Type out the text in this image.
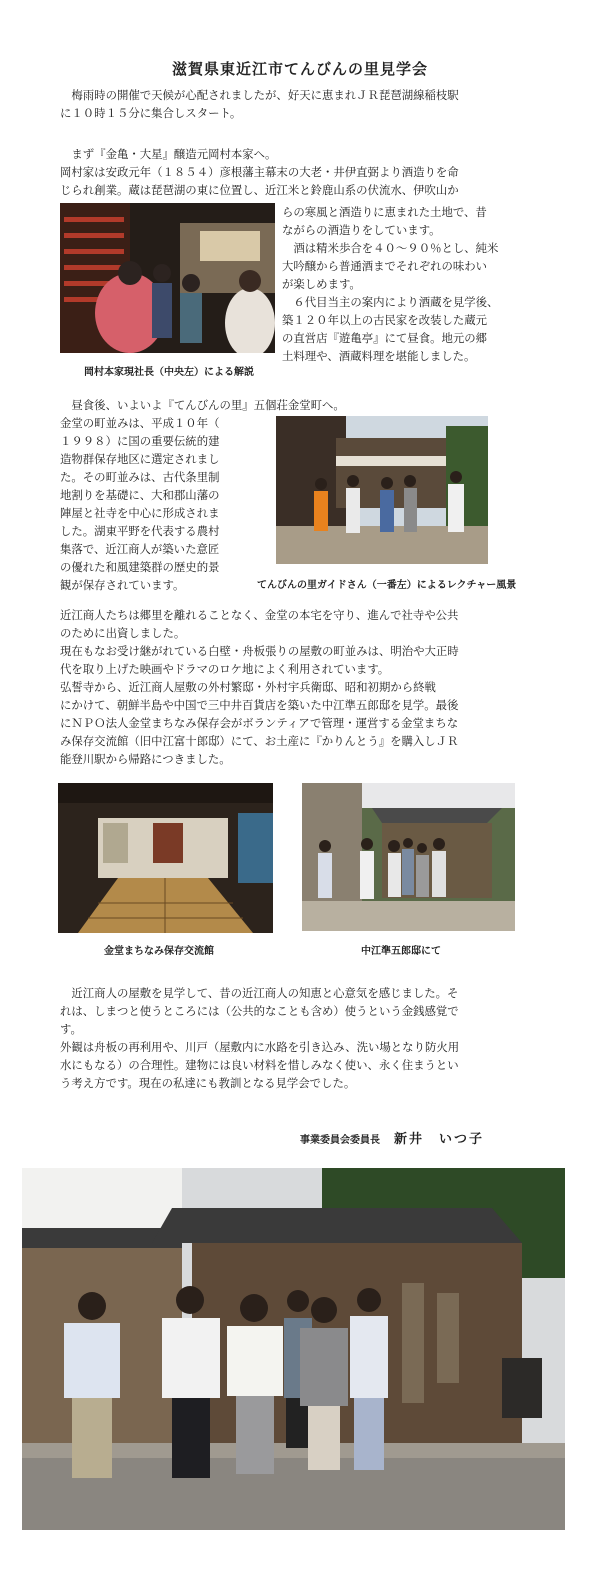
滋賀県東近江市てんびんの里見学会
　梅雨時の開催で天候が心配されましたが、好天に恵まれＪＲ琵琶湖線稲枝駅
に１０時１５分に集合しスタート。
　まず『金亀・大星』醸造元岡村本家へ。
岡村家は安政元年（１８５４）彦根藩主幕末の大老・井伊直弼より酒造りを命
じられ創業。蔵は琵琶湖の東に位置し、近江米と鈴鹿山系の伏流水、伊吹山か
らの寒風と酒造りに恵まれた土地で、昔
ながらの酒造りをしています。
　酒は精米歩合を４０～９０％とし、純米
大吟醸から普通酒までそれぞれの味わい
が楽しめます。
　６代目当主の案内により酒蔵を見学後、
築１２０年以上の古民家を改装した蔵元
の直営店『遊亀亭』にて昼食。地元の郷
土料理や、酒蔵料理を堪能しました。
岡村本家現社長（中央左）による解説
　昼食後、いよいよ『てんびんの里』五個荘金堂町へ。
金堂の町並みは、平成１０年（
１９９８）に国の重要伝統的建
造物群保存地区に選定されまし
た。その町並みは、古代条里制
地割りを基礎に、大和郡山藩の
陣屋と社寺を中心に形成されま
した。湖東平野を代表する農村
集落で、近江商人が築いた意匠
の優れた和風建築群の歴史的景
観が保存されています。	てんびんの里ガイドさん（一番左）によるレクチャー風景
近江商人たちは郷里を離れることなく、金堂の本宅を守り、進んで社寺や公共
のために出資しました。
現在もなお受け継がれている白壁・舟板張りの屋敷の町並みは、明治や大正時
代を取り上げた映画やドラマのロケ地によく利用されています。
弘誓寺から、近江商人屋敷の外村繁邸・外村宇兵衛邸、昭和初期から終戦
にかけて、朝鮮半島や中国で三中井百貨店を築いた中江準五郎邸を見学。最後
にＮＰＯ法人金堂まちなみ保存会がボランティアで管理・運営する金堂まちな
み保存交流館（旧中江富十郎邸）にて、お土産に『かりんとう』を購入しＪＲ
能登川駅から帰路につきました。
金堂まちなみ保存交流館	中江準五郎邸にて
　近江商人の屋敷を見学して、昔の近江商人の知恵と心意気を感じました。そ
れは、しまつと使うところには（公共的なことも含め）使うという金銭感覚で
す。
外観は舟板の再利用や、川戸（屋敷内に水路を引き込み、洗い場となり防火用
水にもなる）の合理性。建物には良い材料を惜しみなく使い、永く住まうとい
う考え方です。現在の私達にも教訓となる見学会でした。
事業委員会委員長 新井　いつ子
